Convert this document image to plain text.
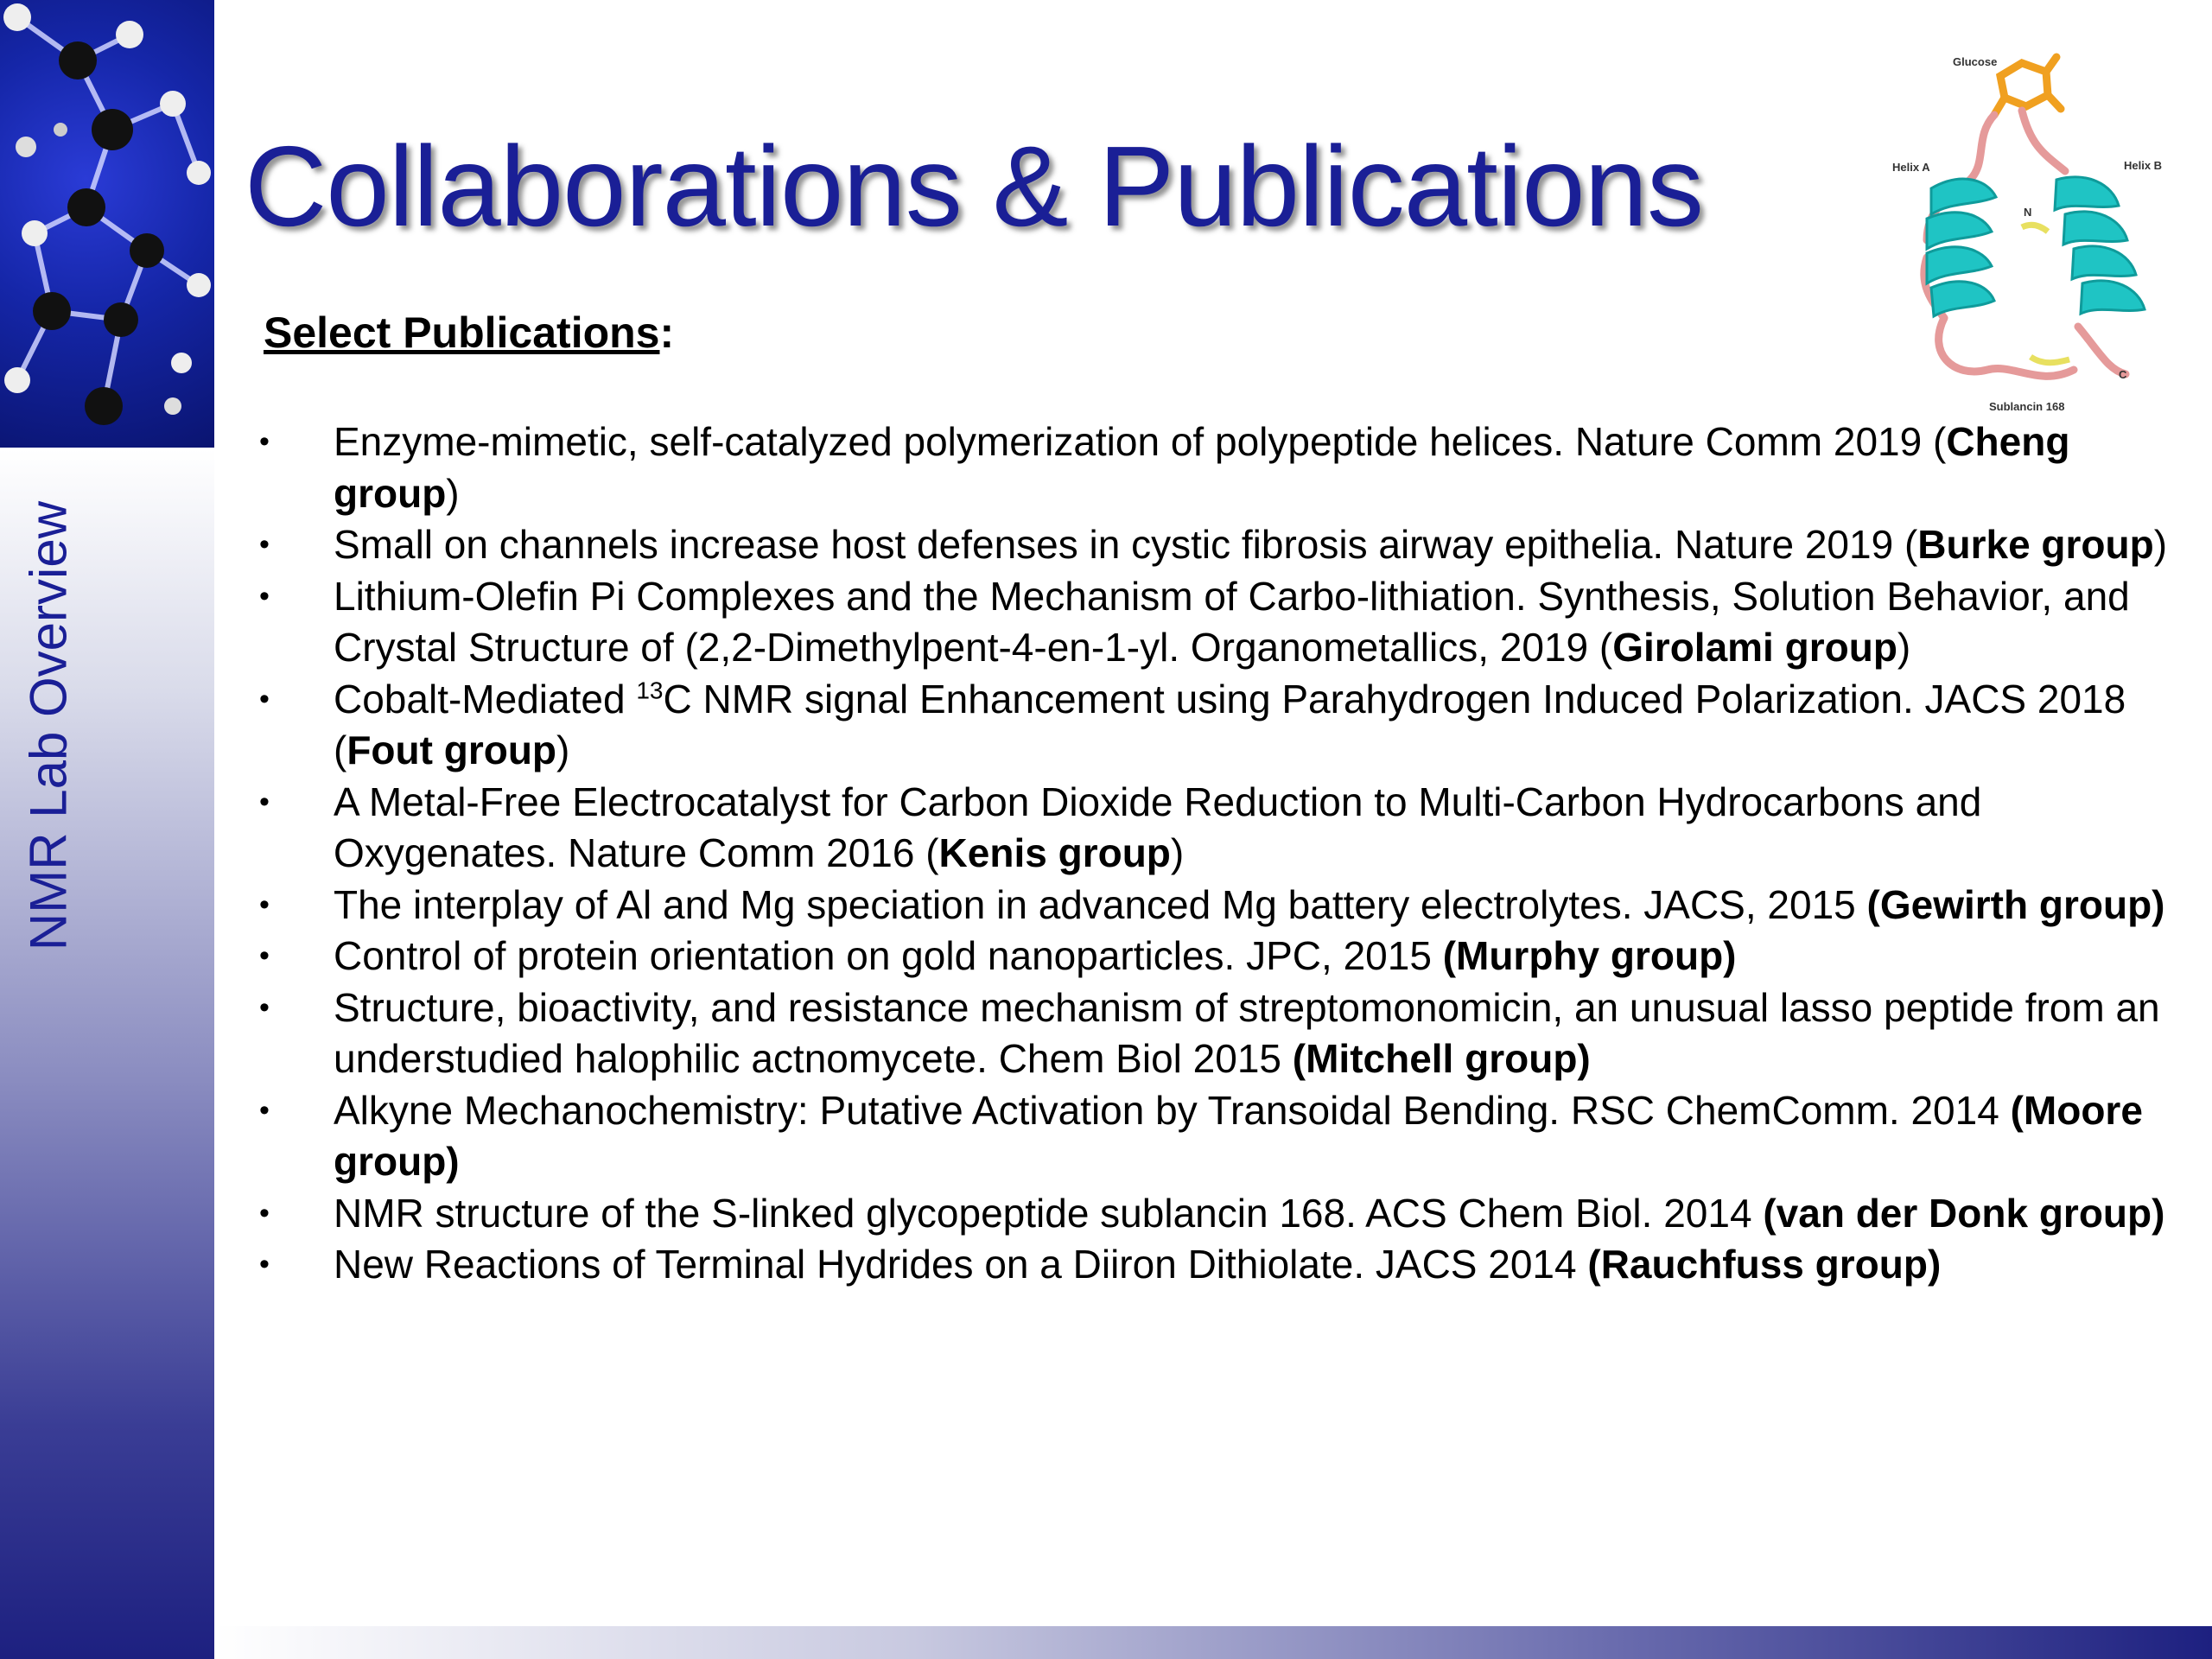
NMR Lab Overview
Collaborations & Publications
Glucose
Helix A	Helix B
N
C
Sublancin 168
Select Publications:
• Enzyme-mimetic, self-catalyzed polymerization of polypeptide helices. Nature Comm 2019 (Cheng group)
• Small on channels increase host defenses in cystic fibrosis airway epithelia. Nature 2019 (Burke group)
• Lithium-Olefin Pi Complexes and the Mechanism of Carbo-lithiation. Synthesis, Solution Behavior, and Crystal Structure of (2,2-Dimethylpent-4-en-1-yl. Organometallics, 2019 (Girolami group)
• Cobalt-Mediated $^{13}$C NMR signal Enhancement using Parahydrogen Induced Polarization. JACS 2018 (Fout group)
• A Metal-Free Electrocatalyst for Carbon Dioxide Reduction to Multi-Carbon Hydrocarbons and Oxygenates. Nature Comm 2016 (Kenis group)
• The interplay of Al and Mg speciation in advanced Mg battery electrolytes. JACS, 2015 (Gewirth group)
• Control of protein orientation on gold nanoparticles. JPC, 2015 (Murphy group)
• Structure, bioactivity, and resistance mechanism of streptomonomicin, an unusual lasso peptide from an understudied halophilic actnomycete. Chem Biol 2015 (Mitchell group)
• Alkyne Mechanochemistry: Putative Activation by Transoidal Bending. RSC ChemComm. 2014 (Moore group)
• NMR structure of the S-linked glycopeptide sublancin 168. ACS Chem Biol. 2014 (van der Donk group)
• New Reactions of Terminal Hydrides on a Diiron Dithiolate. JACS 2014 (Rauchfuss group)
